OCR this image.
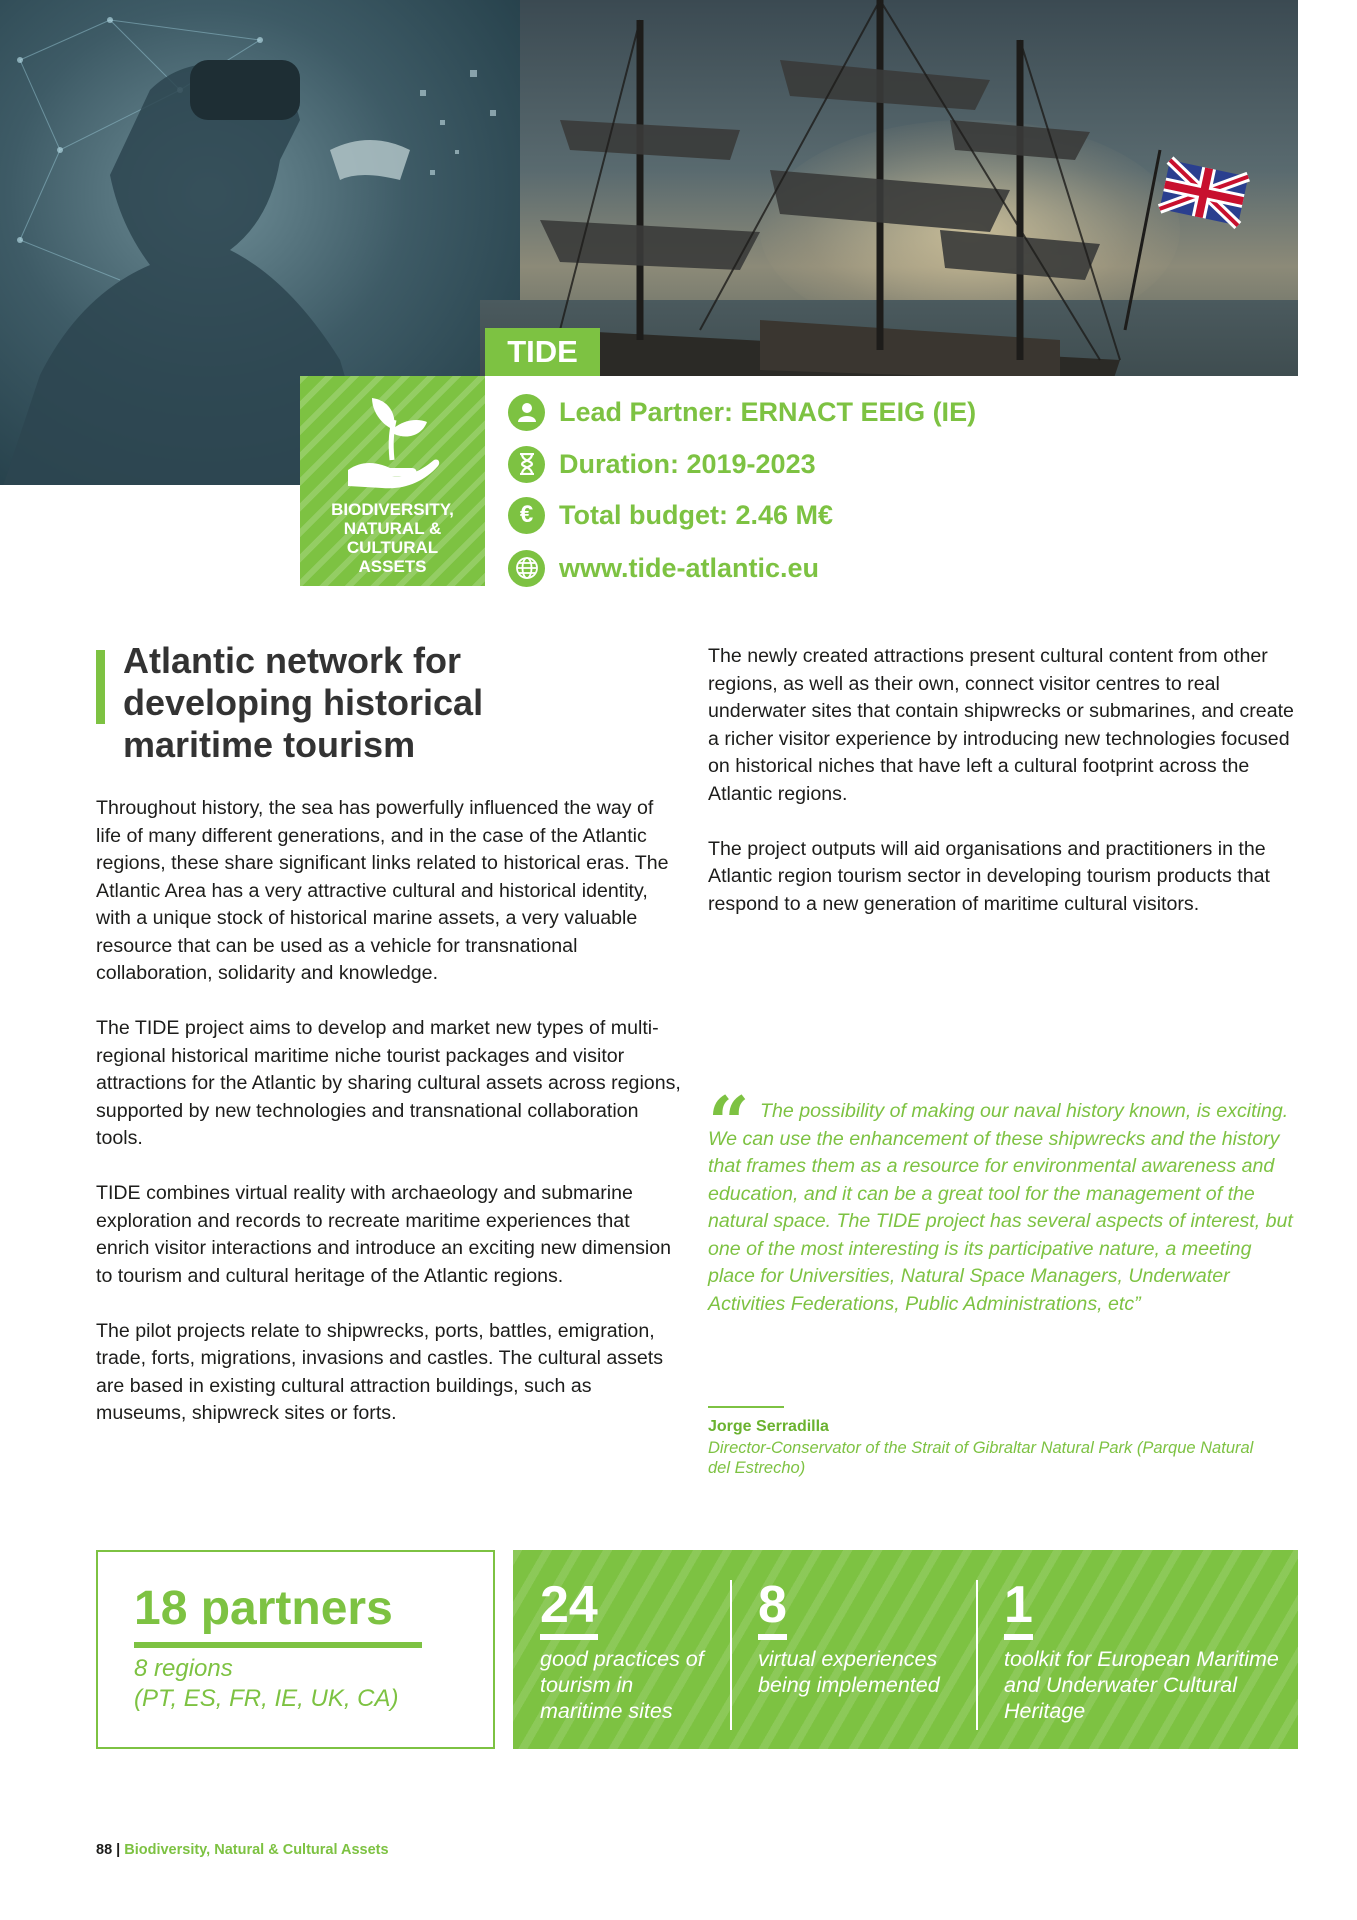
TIDE
BIODIVERSITY,
NATURAL &
CULTURAL
ASSETS
Lead Partner: ERNACT EEIG (IE)
Duration: 2019-2023
€ Total budget: 2.46 M€
www.tide-atlantic.eu
Atlantic network for developing historical maritime tourism

Throughout history, the sea has powerfully influenced the way of life of many different generations, and in the case of the Atlantic regions, these share significant links related to historical eras. The Atlantic Area has a very attractive cultural and historical identity, with a unique stock of historical marine assets, a very valuable resource that can be used as a vehicle for transnational collaboration, solidarity and knowledge.

The TIDE project aims to develop and market new types of multi-regional historical maritime niche tourist packages and visitor attractions for the Atlantic by sharing cultural assets across regions, supported by new technologies and transnational collaboration tools.

TIDE combines virtual reality with archaeology and submarine exploration and records to recreate maritime experiences that enrich visitor interactions and introduce an exciting new dimension to tourism and cultural heritage of the Atlantic regions.

The pilot projects relate to shipwrecks, ports, battles, emigration, trade, forts, migrations, invasions and castles. The cultural assets are based in existing cultural attraction buildings, such as museums, shipwreck sites or forts.

The newly created attractions present cultural content from other regions, as well as their own, connect visitor centres to real underwater sites that contain shipwrecks or submarines, and create a richer visitor experience by introducing new technologies focused on historical niches that have left a cultural footprint across the Atlantic regions.

The project outputs will aid organisations and practitioners in the Atlantic region tourism sector in developing tourism products that respond to a new generation of maritime cultural visitors.

“ The possibility of making our naval history known, is exciting. We can use the enhancement of these shipwrecks and the history that frames them as a resource for environmental awareness and education, and it can be a great tool for the management of the natural space. The TIDE project has several aspects of interest, but one of the most interesting is its participative nature, a meeting place for Universities, Natural Space Managers, Underwater Activities Federations, Public Administrations, etc”
Jorge Serradilla
Director-Conservator of the Strait of Gibraltar Natural Park (Parque Natural del Estrecho)
18 partners
8 regions
(PT, ES, FR, IE, UK, CA)
24
good practices of tourism in maritime sites
8
virtual experiences being implemented
1
toolkit for European Maritime and Underwater Cultural Heritage
88 | Biodiversity, Natural & Cultural Assets
